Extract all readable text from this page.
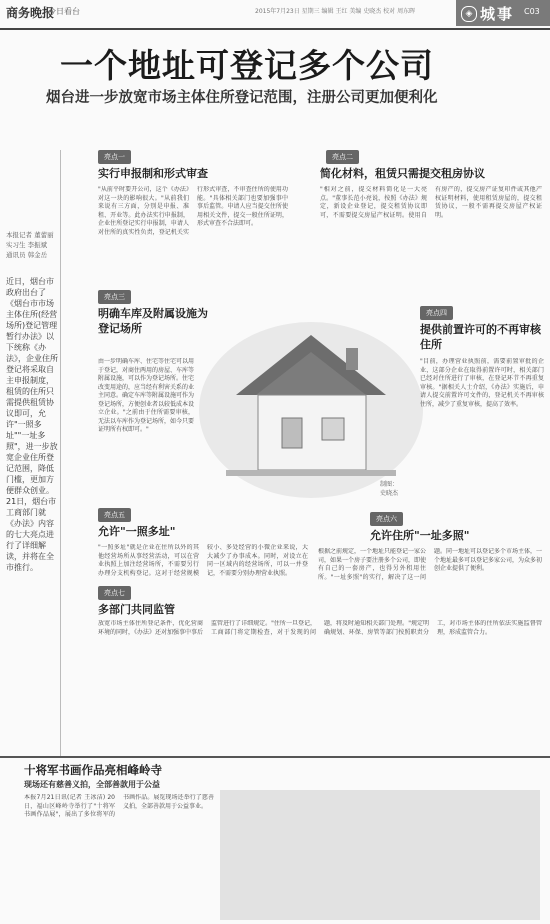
商务晚报
今日看台	2015年7月23日 星期三 编辑 王红 美编 史晓杰 校对 周东晖	◈ 城事 C03
一个地址可登记多个公司
烟台进一步放宽市场主体住所登记范围，注册公司更加便利化
本报记者 董蕾丽
实习生 李振斌
通讯员 韩金岳
近日，烟台市政府出台了《烟台市市场主体住所(经营场所)登记管理暂行办法》以下统称《办法》，企业住所登记将采取自主申报制度，租赁的住所只需提供租赁协议即可，允许"一照多址""一址多照"，进一步放宽企业住所登记范围，降低门槛，更加方便群众创业。21日，烟台市工商部门就《办法》内容的七大亮点进行了详细解读，并将在全市推行。
亮点一
实行申报制和形式审查
"从前平时要开公司，这个《办法》对这一块的影响很大。"从前我们来说有三方面，分别是申报、准租、开业等。此办法实行申报制，企业住所登记实行申报制，申请人对住所的真实性负责，登记机关实行形式审查，不审查住所的使用功能。"具体相关部门也要加强事中事后监管。申请人应当提交住所使用相关文件，提交一般住所证明，形式审查不合法即可。
亮点二
简化材料，租赁只需提交租房协议
"相对之前，提交材料简化是一大亮点。"董事长范小亮说，按照《办法》规定，新设企业登记，提交租赁协议即可，不需要提交房屋产权证明。使用自有房产的，提交房产证复印件或其他产权证明材料，使用租赁房屋的，提交租赁协议，一般不需再提交房屋产权证明。
亮点三
明确车库及附属设施为登记场所
由一步明确车库、住宅等住宅可以用于登记，对商住两用的房屋、车库等附属设施，可以作为登记场所。住宅改变用途的，应当经有利害关系的业主同意。确定车库等附属设施可作为登记场所，方便创业者以较低成本设立企业。"之前由于住所需要审核，无法以车库作为登记场所，如今只要证明所有权即可。"
制图：
史晓杰
亮点四
提供前置许可的不再审核住所
"目前，办理营业执照前，需要前置审批的企业，这部分企业在取得前置许可时，相关部门已经对住所进行了审核，在登记环节不再重复审核。"据相关人士介绍，《办法》实施后，申请人提交前置许可文件的，登记机关不再审核住所，减少了重复审核，提高了效率。
亮点五
允许"一照多址"
"一照多址"就是企业在住所以外的其他经营场所从事经营活动，可以在营业执照上加注经营场所，不需要另行办理分支机构登记。这对于经营规模较小、多处经营的小微企业来说，大大减少了办事成本。同时，对设立在同一区域内的经营场所，可以一并登记，不需要分别办理营业执照。
亮点六
允许住所"一址多照"
根据之前规定，一个地址只能登记一家公司，如果一个房子要注册多个公司，即使有自己的一套房产，也得另外租用住所。"一址多照"的实行，解决了这一问题。同一地址可以登记多个市场主体，一个地址最多可以登记多家公司，为众多初创企业提供了便利。
亮点七
多部门共同监管
放宽市场主体住所登记条件，优化营商环境的同时，《办法》还对加强事中事后监管进行了详细规定。"住所一旦登记，工商部门将定期检查，对于发现的问题，将及时通知相关部门处理。"规定明确规划、环保、房管等部门按照职责分工，对市场主体的住所依法实施监督管理，形成监管合力。
十将军书画作品亮相峰岭寺
现场还有慈善义拍，全部善款用于公益
本报7月21日讯(记者 王冰洁) 20日，福山区峰岭寺举行了"十将军书画作品展"，展出了多位将军的书画作品。展览现场还举行了慈善义拍，全部善款用于公益事业。
